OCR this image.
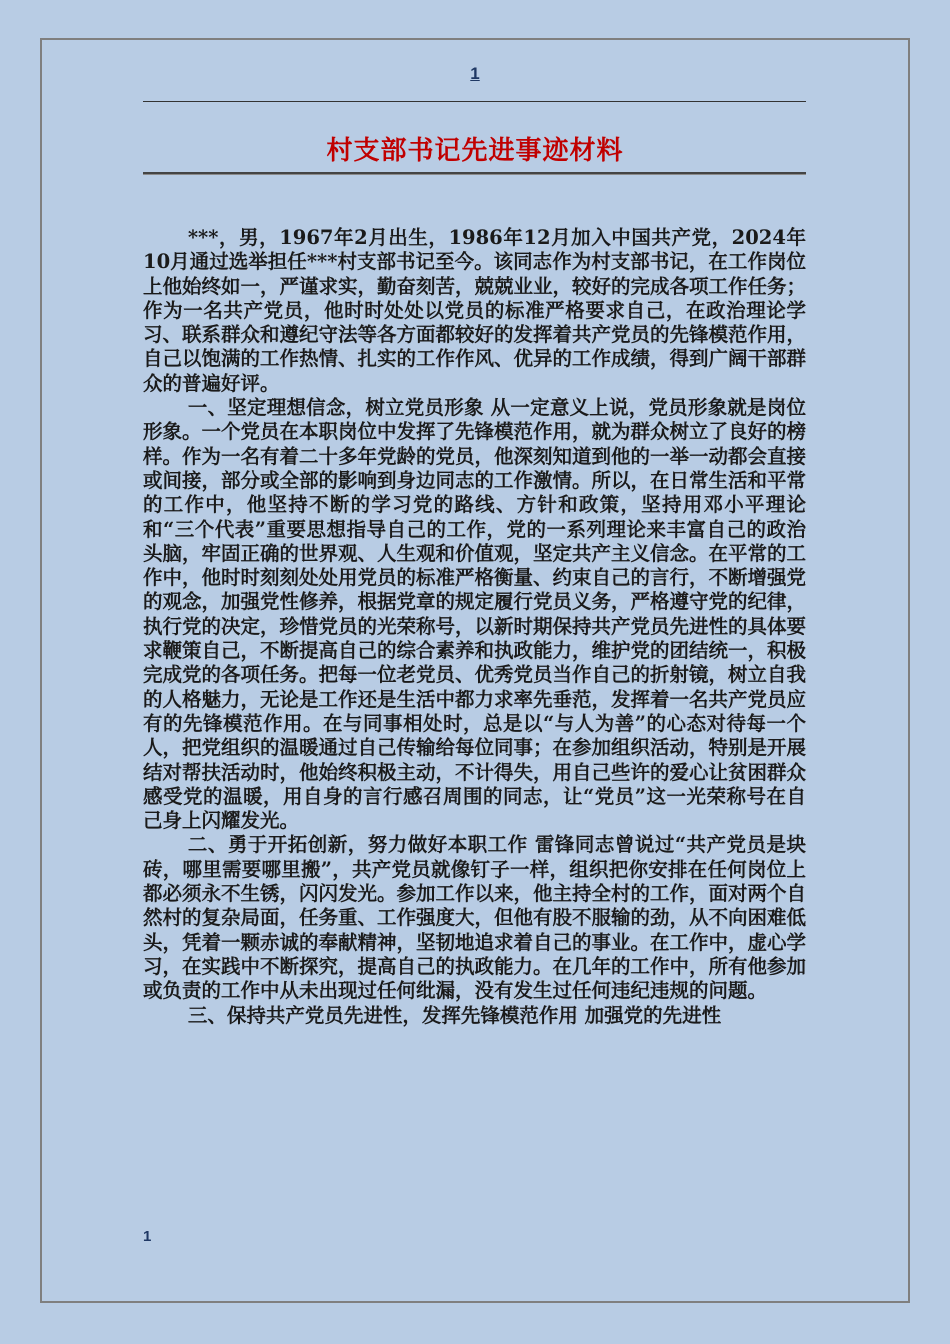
1
村支部书记先进事迹材料

***，男，1967年2月出生，1986年12月加入中国共产党，2024年10月通过选举担任***村支部书记至今。该同志作为村支部书记，在工作岗位上他始终如一，严谨求实，勤奋刻苦，兢兢业业，较好的完成各项工作任务；作为一名共产党员，他时时处处以党员的标准严格要求自己，在政治理论学习、联系群众和遵纪守法等各方面都较好的发挥着共产党员的先锋模范作用，自己以饱满的工作热情、扎实的工作作风、优异的工作成绩，得到广阔干部群众的普遍好评。

一、坚定理想信念，树立党员形象 从一定意义上说，党员形象就是岗位形象。一个党员在本职岗位中发挥了先锋模范作用，就为群众树立了良好的榜样。作为一名有着二十多年党龄的党员，他深刻知道到他的一举一动都会直接或间接，部分或全部的影响到身边同志的工作激情。所以，在日常生活和平常的工作中，他坚持不断的学习党的路线、方针和政策，坚持用邓小平理论和“三个代表”重要思想指导自己的工作，党的一系列理论来丰富自己的政治头脑，牢固正确的世界观、人生观和价值观，坚定共产主义信念。在平常的工作中，他时时刻刻处处用党员的标准严格衡量、约束自己的言行，不断增强党的观念，加强党性修养，根据党章的规定履行党员义务，严格遵守党的纪律，执行党的决定，珍惜党员的光荣称号，以新时期保持共产党员先进性的具体要求鞭策自己，不断提高自己的综合素养和执政能力，维护党的团结统一，积极完成党的各项任务。把每一位老党员、优秀党员当作自己的折射镜，树立自我的人格魅力，无论是工作还是生活中都力求率先垂范，发挥着一名共产党员应有的先锋模范作用。在与同事相处时，总是以“与人为善”的心态对待每一个人，把党组织的温暖通过自己传输给每位同事；在参加组织活动，特别是开展结对帮扶活动时，他始终积极主动，不计得失，用自己些许的爱心让贫困群众感受党的温暖，用自身的言行感召周围的同志，让“党员”这一光荣称号在自己身上闪耀发光。

二、勇于开拓创新，努力做好本职工作 雷锋同志曾说过“共产党员是块砖，哪里需要哪里搬”，共产党员就像钉子一样，组织把你安排在任何岗位上都必须永不生锈，闪闪发光。参加工作以来，他主持全村的工作，面对两个自然村的复杂局面，任务重、工作强度大，但他有股不服输的劲，从不向困难低头，凭着一颗赤诚的奉献精神，坚韧地追求着自己的事业。在工作中，虚心学习，在实践中不断探究，提高自己的执政能力。在几年的工作中，所有他参加或负责的工作中从未出现过任何纰漏，没有发生过任何违纪违规的问题。

三、保持共产党员先进性，发挥先锋模范作用 加强党的先进性

1
